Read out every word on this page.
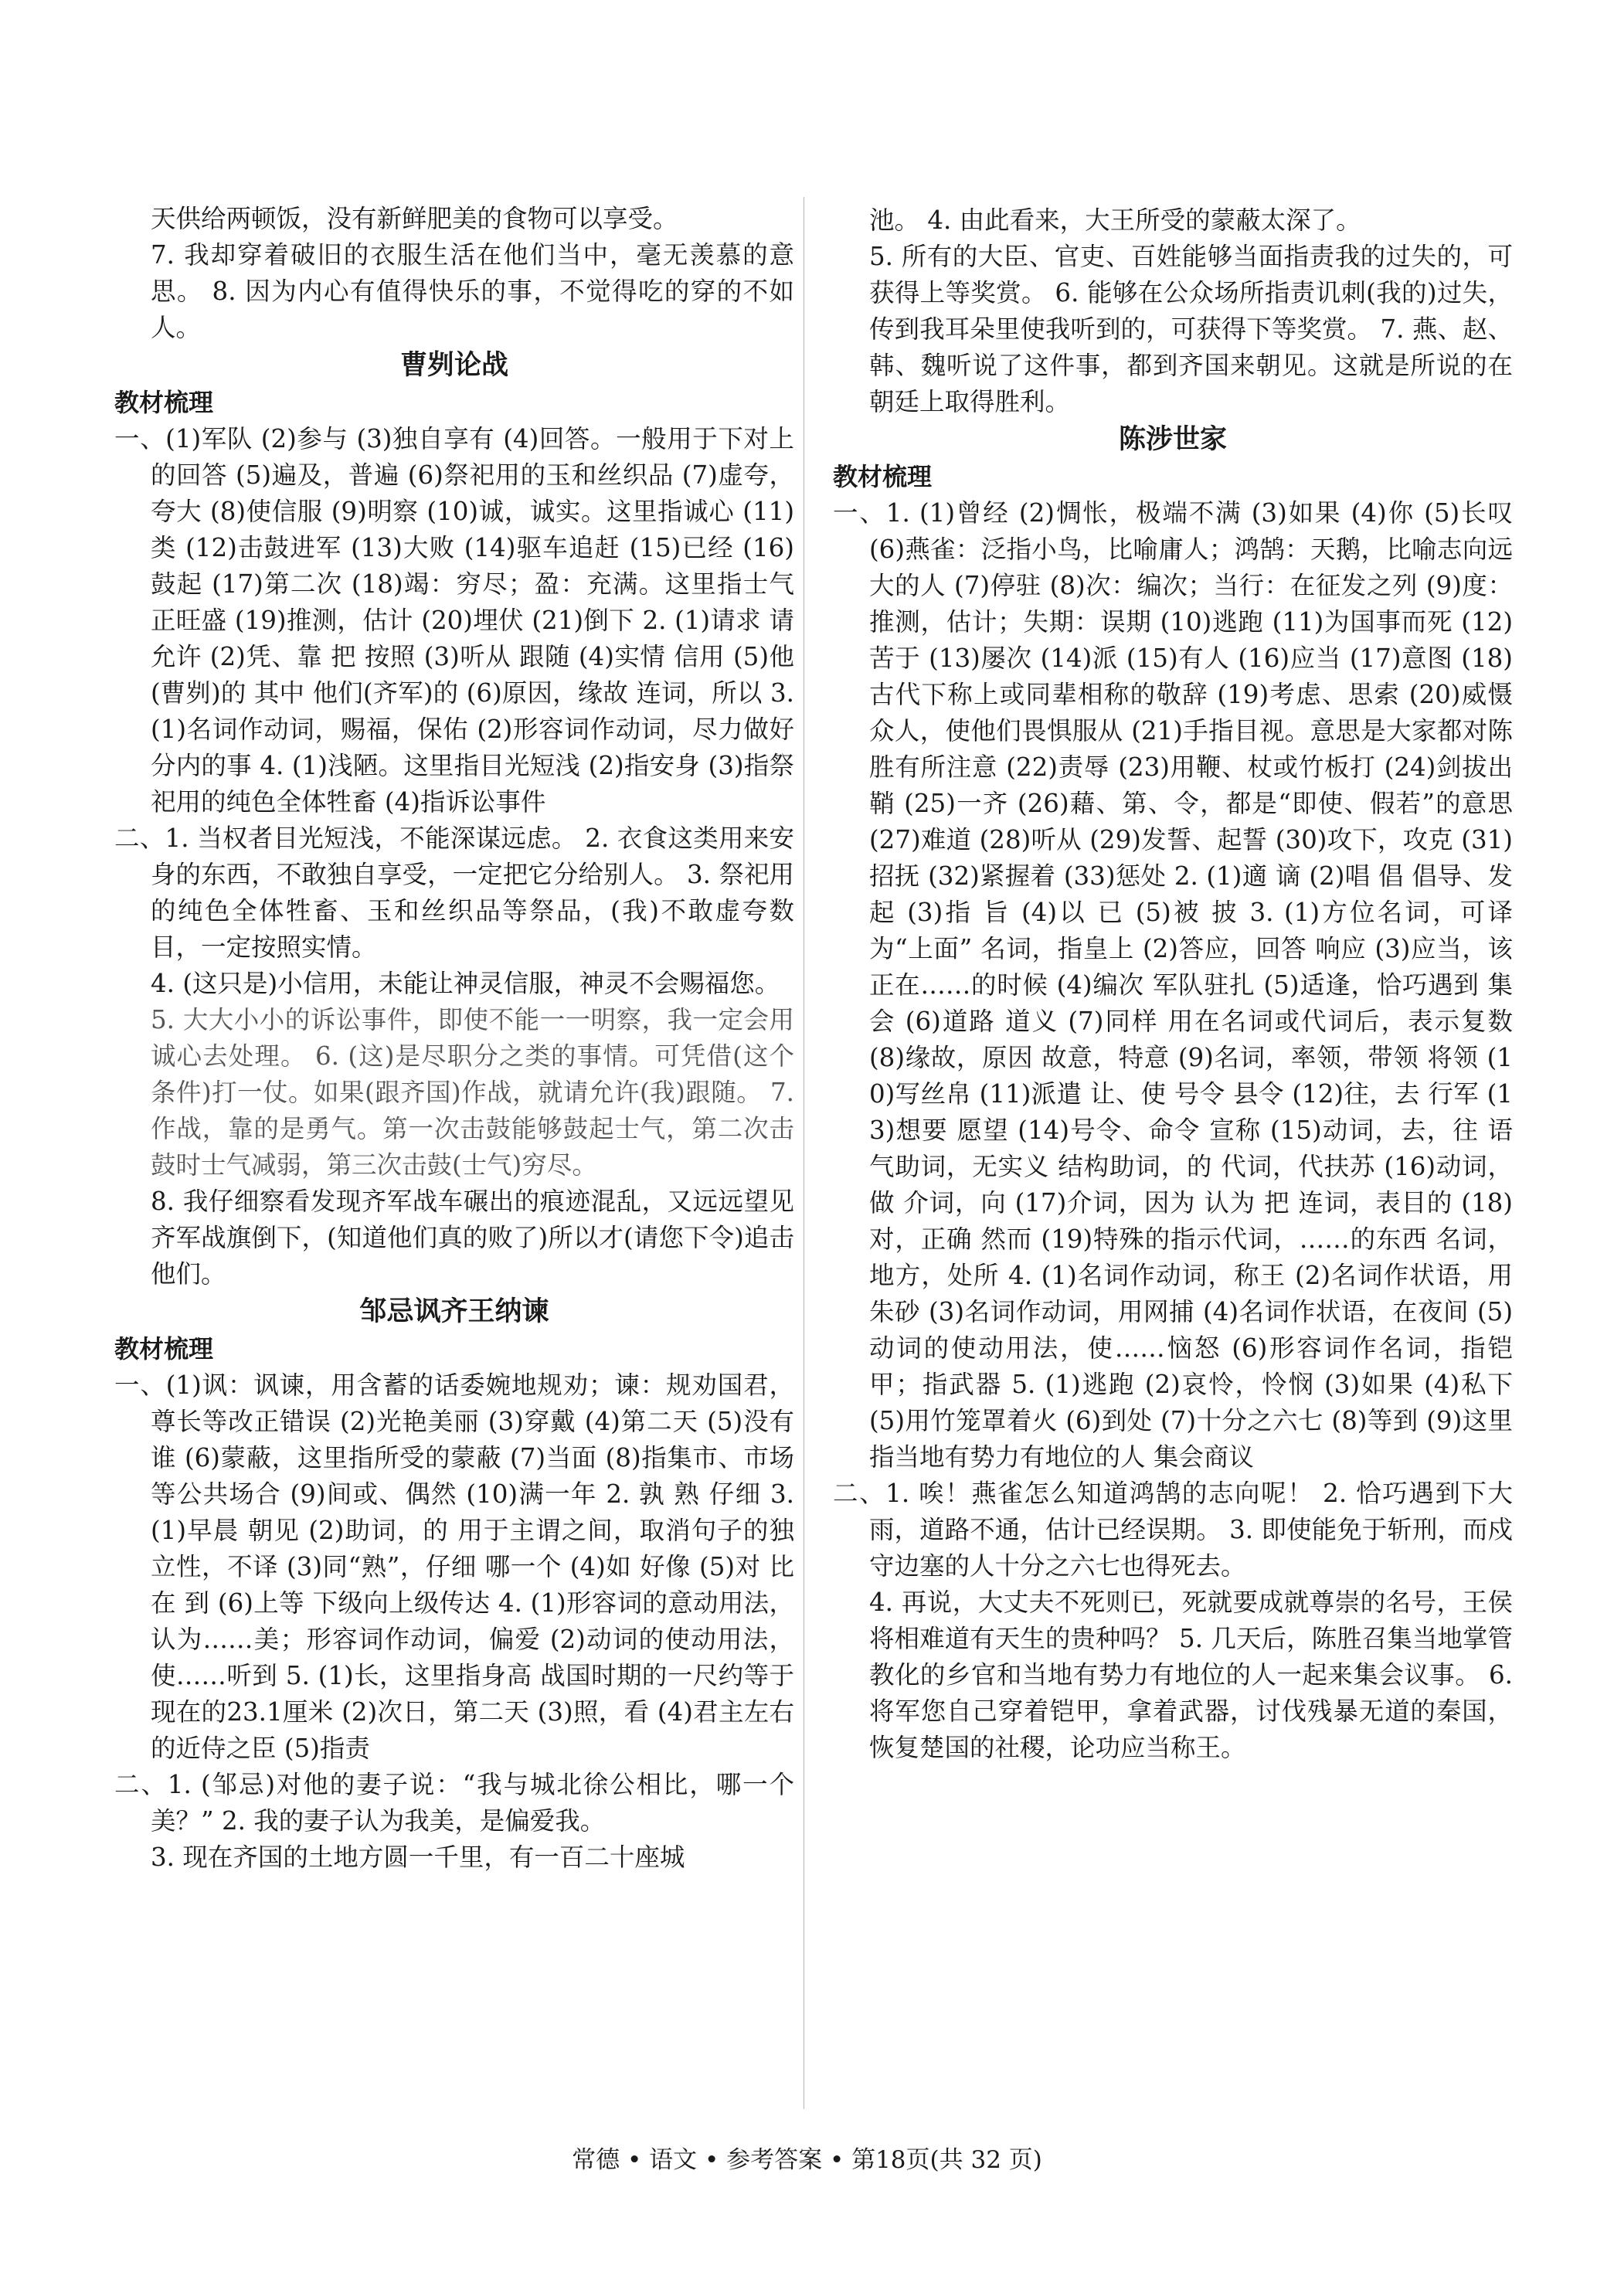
天供给两顿饭，没有新鲜肥美的食物可以享受。

7. 我却穿着破旧的衣服生活在他们当中，毫无羡慕的意思。 8. 因为内心有值得快乐的事，不觉得吃的穿的不如人。

曹刿论战
教材梳理

一、(1)军队 (2)参与 (3)独自享有 (4)回答。一般用于下对上的回答 (5)遍及，普遍 (6)祭祀用的玉和丝织品 (7)虚夸，夸大 (8)使信服 (9)明察 (10)诚，诚实。这里指诚心 (11)类 (12)击鼓进军 (13)大败 (14)驱车追赶 (15)已经 (16)鼓起 (17)第二次 (18)竭：穷尽；盈：充满。这里指士气正旺盛 (19)推测，估计 (20)埋伏 (21)倒下 2. (1)请求 请允许 (2)凭、靠 把 按照 (3)听从 跟随 (4)实情 信用 (5)他(曹刿)的 其中 他们(齐军)的 (6)原因，缘故 连词，所以 3. (1)名词作动词，赐福，保佑 (2)形容词作动词，尽力做好分内的事 4. (1)浅陋。这里指目光短浅 (2)指安身 (3)指祭祀用的纯色全体牲畜 (4)指诉讼事件

二、1. 当权者目光短浅，不能深谋远虑。 2. 衣食这类用来安身的东西，不敢独自享受，一定把它分给别人。 3. 祭祀用的纯色全体牲畜、玉和丝织品等祭品，(我)不敢虚夸数目，一定按照实情。

4. (这只是)小信用，未能让神灵信服，神灵不会赐福您。

5. 大大小小的诉讼事件，即使不能一一明察，我一定会用诚心去处理。 6. (这)是尽职分之类的事情。可凭借(这个条件)打一仗。如果(跟齐国)作战，就请允许(我)跟随。 7. 作战，靠的是勇气。第一次击鼓能够鼓起士气，第二次击鼓时士气减弱，第三次击鼓(士气)穷尽。

8. 我仔细察看发现齐军战车碾出的痕迹混乱，又远远望见齐军战旗倒下，(知道他们真的败了)所以才(请您下令)追击他们。

邹忌讽齐王纳谏
教材梳理

一、(1)讽：讽谏，用含蓄的话委婉地规劝；谏：规劝国君，尊长等改正错误 (2)光艳美丽 (3)穿戴 (4)第二天 (5)没有谁 (6)蒙蔽，这里指所受的蒙蔽 (7)当面 (8)指集市、市场等公共场合 (9)间或、偶然 (10)满一年 2. 孰 熟 仔细 3. (1)早晨 朝见 (2)助词，的 用于主谓之间，取消句子的独立性，不译 (3)同“熟”，仔细 哪一个 (4)如 好像 (5)对 比 在 到 (6)上等 下级向上级传达 4. (1)形容词的意动用法，认为……美；形容词作动词，偏爱 (2)动词的使动用法，使……听到 5. (1)长，这里指身高 战国时期的一尺约等于现在的23.1厘米 (2)次日，第二天 (3)照，看 (4)君主左右的近侍之臣 (5)指责

二、1. (邹忌)对他的妻子说：“我与城北徐公相比，哪一个美？” 2. 我的妻子认为我美，是偏爱我。

3. 现在齐国的土地方圆一千里，有一百二十座城

池。 4. 由此看来，大王所受的蒙蔽太深了。

5. 所有的大臣、官吏、百姓能够当面指责我的过失的，可获得上等奖赏。 6. 能够在公众场所指责讥刺(我的)过失，传到我耳朵里使我听到的，可获得下等奖赏。 7. 燕、赵、韩、魏听说了这件事，都到齐国来朝见。这就是所说的在朝廷上取得胜利。

陈涉世家
教材梳理

一、1. (1)曾经 (2)惆怅，极端不满 (3)如果 (4)你 (5)长叹 (6)燕雀：泛指小鸟，比喻庸人；鸿鹄：天鹅，比喻志向远大的人 (7)停驻 (8)次：编次；当行：在征发之列 (9)度：推测，估计；失期：误期 (10)逃跑 (11)为国事而死 (12)苦于 (13)屡次 (14)派 (15)有人 (16)应当 (17)意图 (18)古代下称上或同辈相称的敬辞 (19)考虑、思索 (20)威慑众人，使他们畏惧服从 (21)手指目视。意思是大家都对陈胜有所注意 (22)责辱 (23)用鞭、杖或竹板打 (24)剑拔出鞘 (25)一齐 (26)藉、第、令，都是“即使、假若”的意思 (27)难道 (28)听从 (29)发誓、起誓 (30)攻下，攻克 (31)招抚 (32)紧握着 (33)惩处 2. (1)適 谪 (2)唱 倡 倡导、发起 (3)指 旨 (4)以 已 (5)被 披 3. (1)方位名词，可译为“上面” 名词，指皇上 (2)答应，回答 响应 (3)应当，该 正在……的时候 (4)编次 军队驻扎 (5)适逢，恰巧遇到 集会 (6)道路 道义 (7)同样 用在名词或代词后，表示复数 (8)缘故，原因 故意，特意 (9)名词，率领，带领 将领 (10)写丝帛 (11)派遣 让、使 号令 县令 (12)往，去 行军 (13)想要 愿望 (14)号令、命令 宣称 (15)动词，去，往 语气助词，无实义 结构助词，的 代词，代扶苏 (16)动词，做 介词，向 (17)介词，因为 认为 把 连词，表目的 (18)对，正确 然而 (19)特殊的指示代词，……的东西 名词，地方，处所 4. (1)名词作动词，称王 (2)名词作状语，用朱砂 (3)名词作动词，用网捕 (4)名词作状语，在夜间 (5)动词的使动用法，使……恼怒 (6)形容词作名词，指铠甲；指武器 5. (1)逃跑 (2)哀怜，怜悯 (3)如果 (4)私下 (5)用竹笼罩着火 (6)到处 (7)十分之六七 (8)等到 (9)这里指当地有势力有地位的人 集会商议

二、1. 唉！燕雀怎么知道鸿鹄的志向呢！ 2. 恰巧遇到下大雨，道路不通，估计已经误期。 3. 即使能免于斩刑，而戍守边塞的人十分之六七也得死去。

4. 再说，大丈夫不死则已，死就要成就尊崇的名号，王侯将相难道有天生的贵种吗？ 5. 几天后，陈胜召集当地掌管教化的乡官和当地有势力有地位的人一起来集会议事。 6. 将军您自己穿着铠甲，拿着武器，讨伐残暴无道的秦国，恢复楚国的社稷，论功应当称王。

常德 • 语文 • 参考答案 • 第18页(共 32 页)
